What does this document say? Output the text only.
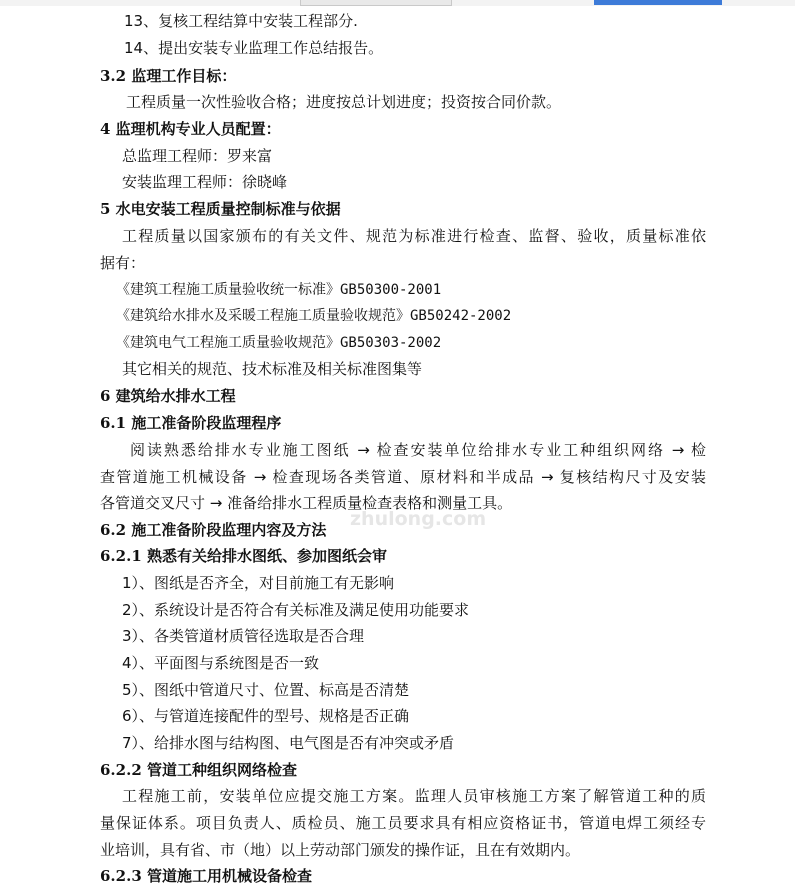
13、复核工程结算中安装工程部分.
14、提出安装专业监理工作总结报告。
3.2 监理工作目标：
工程质量一次性验收合格；进度按总计划进度；投资按合同价款。
4 监理机构专业人员配置：
总监理工程师：罗来富
安装监理工程师：徐晓峰
5 水电安装工程质量控制标准与依据
工程质量以国家颁布的有关文件、规范为标准进行检查、监督、验收，质量标准依
据有：
《建筑工程施工质量验收统一标准》GB50300-2001
《建筑给水排水及采暖工程施工质量验收规范》GB50242-2002
《建筑电气工程施工质量验收规范》GB50303-2002
其它相关的规范、技术标准及相关标准图集等
6 建筑给水排水工程
6.1 施工准备阶段监理程序
阅读熟悉给排水专业施工图纸 → 检查安装单位给排水专业工种组织网络 → 检
查管道施工机械设备 → 检查现场各类管道、原材料和半成品 → 复核结构尺寸及安装
各管道交叉尺寸 → 准备给排水工程质量检查表格和测量工具。
6.2 施工准备阶段监理内容及方法
6.2.1 熟悉有关给排水图纸、参加图纸会审
1）、图纸是否齐全，对目前施工有无影响
2）、系统设计是否符合有关标准及满足使用功能要求
3）、各类管道材质管径选取是否合理
4）、平面图与系统图是否一致
5）、图纸中管道尺寸、位置、标高是否清楚
6）、与管道连接配件的型号、规格是否正确
7）、给排水图与结构图、电气图是否有冲突或矛盾
6.2.2 管道工种组织网络检查
工程施工前，安装单位应提交施工方案。监理人员审核施工方案了解管道工种的质
量保证体系。项目负责人、质检员、施工员要求具有相应资格证书，管道电焊工须经专
业培训，具有省、市（地）以上劳动部门颁发的操作证，且在有效期内。
6.2.3 管道施工用机械设备检查
zhulong.com
